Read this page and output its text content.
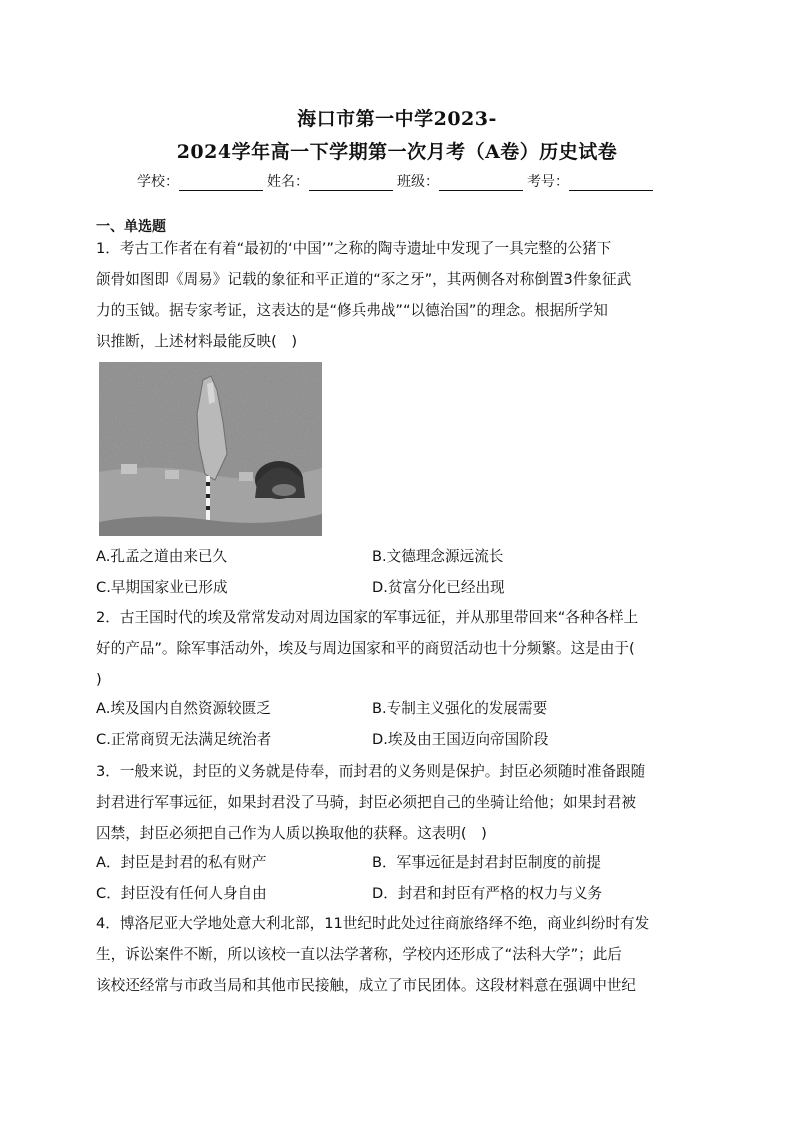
海口市第一中学2023-
2024学年高一下学期第一次月考（A卷）历史试卷
学校：	姓名：	班级：	考号：
一、单选题
1．考古工作者在有着“最初的‘中国’”之称的陶寺遗址中发现了一具完整的公猪下
颌骨如图即《周易》记载的象征和平正道的“豕之牙”，其两侧各对称倒置3件象征武
力的玉钺。据专家考证，这表达的是“修兵弗战”“以德治国”的理念。根据所学知
识推断，上述材料最能反映(　)
A.孔孟之道由来已久	B.文德理念源远流长
C.早期国家业已形成	D.贫富分化已经出现
2．古王国时代的埃及常常发动对周边国家的军事远征，并从那里带回来“各种各样上
好的产品”。除军事活动外，埃及与周边国家和平的商贸活动也十分频繁。这是由于(
)
A.埃及国内自然资源较匮乏	B.专制主义强化的发展需要
C.正常商贸无法满足统治者	D.埃及由王国迈向帝国阶段
3．一般来说，封臣的义务就是侍奉，而封君的义务则是保护。封臣必须随时准备跟随
封君进行军事远征，如果封君没了马骑，封臣必须把自己的坐骑让给他；如果封君被
囚禁，封臣必须把自己作为人质以换取他的获释。这表明(　)
A．封臣是封君的私有财产	B．军事远征是封君封臣制度的前提
C．封臣没有任何人身自由	D．封君和封臣有严格的权力与义务
4．博洛尼亚大学地处意大利北部，11世纪时此处过往商旅络绎不绝，商业纠纷时有发
生，诉讼案件不断，所以该校一直以法学著称，学校内还形成了“法科大学”；此后
该校还经常与市政当局和其他市民接触，成立了市民团体。这段材料意在强调中世纪
